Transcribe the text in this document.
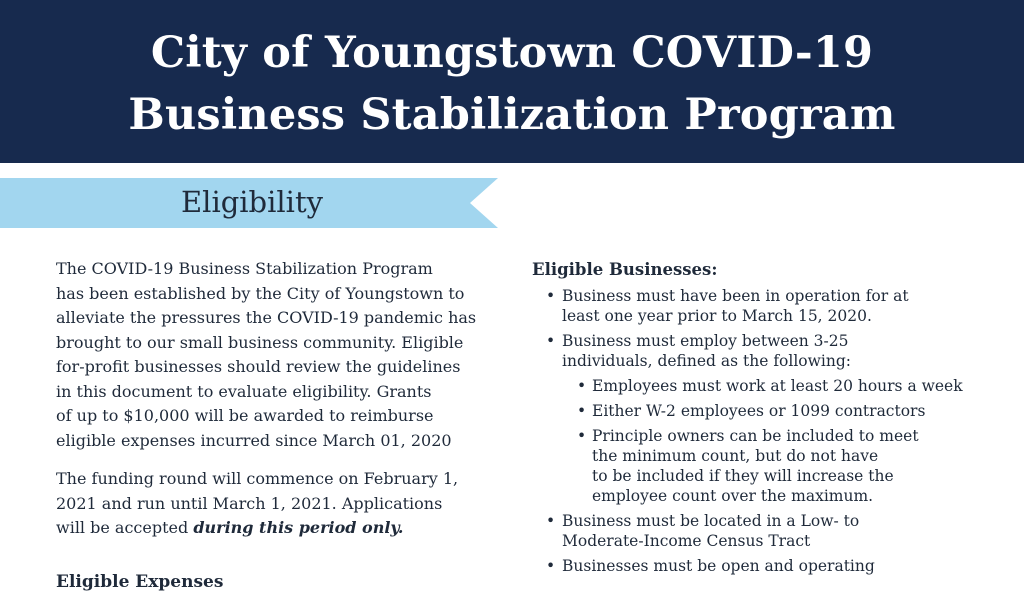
City of Youngstown COVID-19
Business Stabilization Program
Eligibility

The COVID-19 Business Stabilization Program

has been established by the City of Youngstown to

alleviate the pressures the COVID-19 pandemic has

brought to our small business community. Eligible

for-profit businesses should review the guidelines

in this document to evaluate eligibility. Grants

of up to $10,000 will be awarded to reimburse

eligible expenses incurred since March 01, 2020

The funding round will commence on February 1,

2021 and run until March 1, 2021. Applications

will be accepted during this period only.

Eligible Expenses
Eligible Businesses:
• Business must have been in operation for at
least one year prior to March 15, 2020.
• Business must employ between 3-25
individuals, defined as the following:
• Employees must work at least 20 hours a week
• Either W-2 employees or 1099 contractors
• Principle owners can be included to meet
the minimum count, but do not have
to be included if they will increase the
employee count over the maximum.
• Business must be located in a Low- to
Moderate-Income Census Tract
• Businesses must be open and operating
